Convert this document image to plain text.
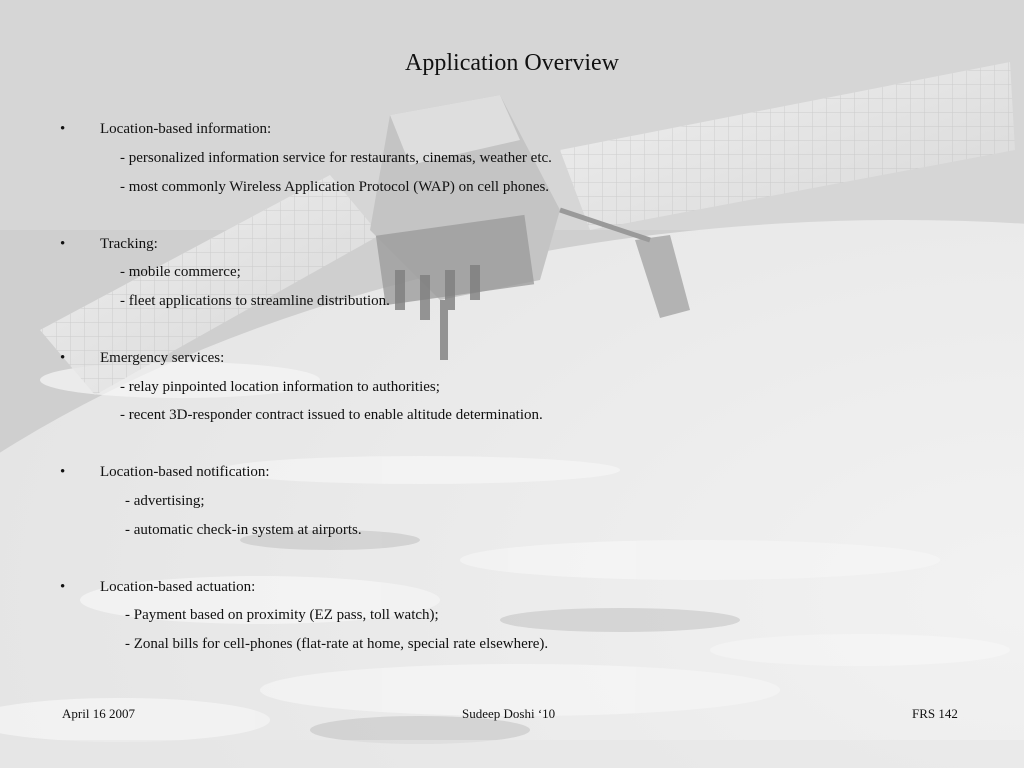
Application Overview
• Location-based information:
- personalized information service for restaurants, cinemas, weather etc.
- most commonly Wireless Application Protocol (WAP) on cell phones.
• Tracking:
- mobile commerce;
- fleet applications to streamline distribution.
• Emergency services:
- relay pinpointed location information to authorities;
- recent 3D-responder contract issued to enable altitude determination.
• Location-based notification:
- advertising;
- automatic check-in system at airports.
• Location-based actuation:
- Payment based on proximity (EZ pass, toll watch);
- Zonal bills for cell-phones (flat-rate at home, special rate elsewhere).
April 16 2007	Sudeep Doshi ‘10	FRS 142
